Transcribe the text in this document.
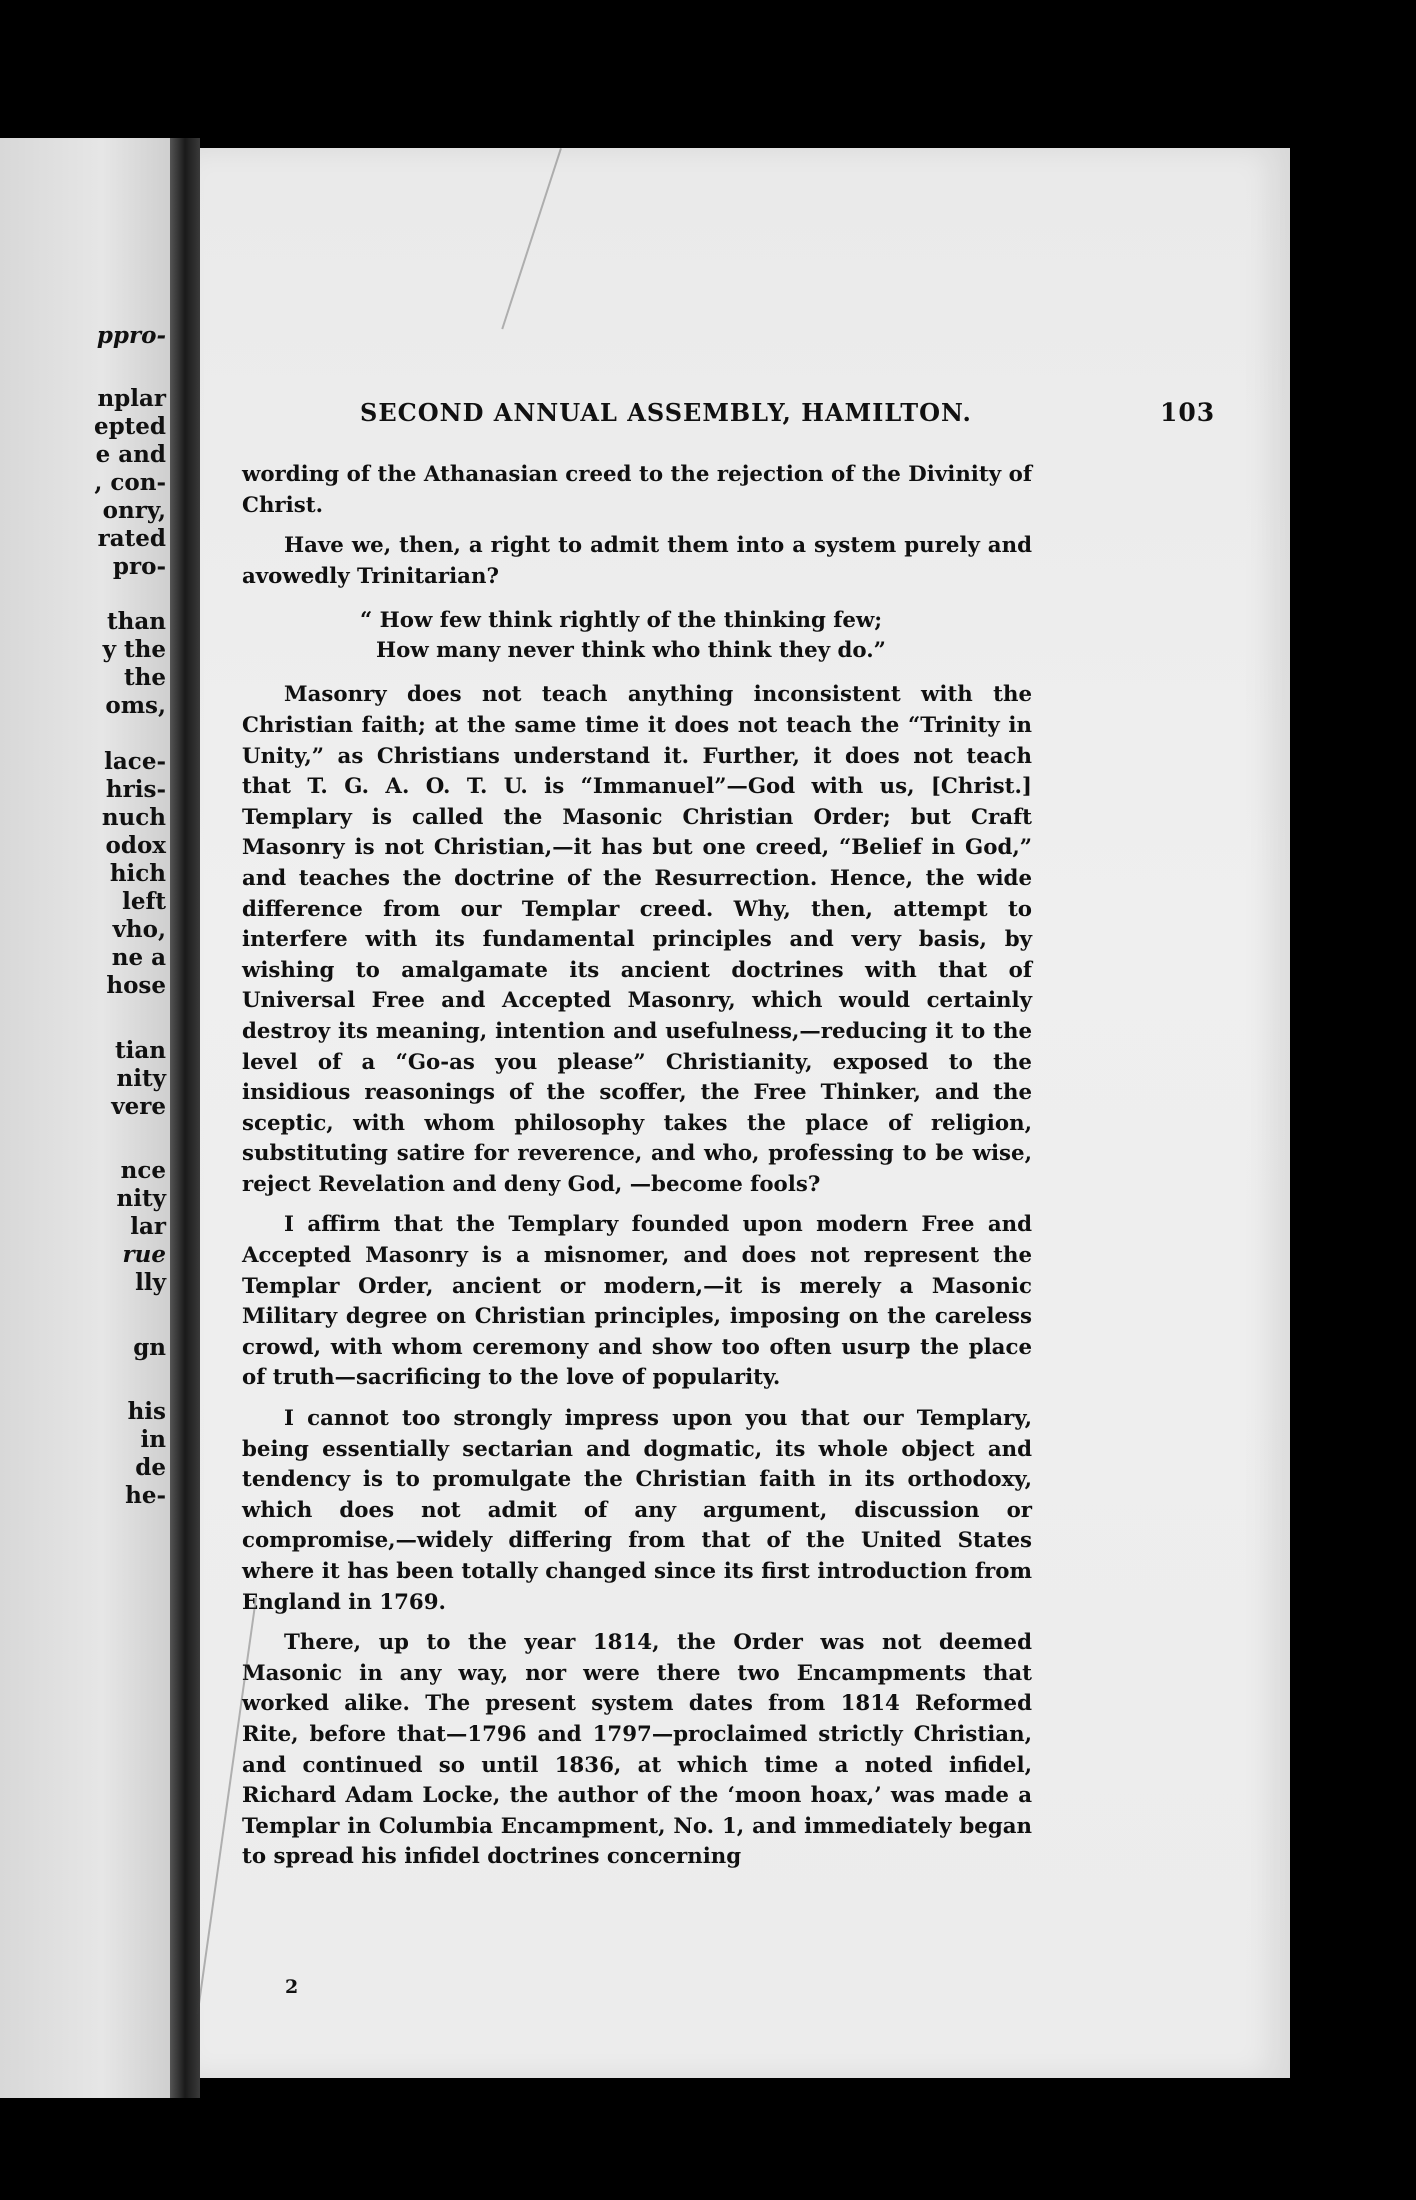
ppro-
nplar
epted
e and
, con-
onry,
rated
pro-
than
y the
the
oms,
lace-
hris-
nuch
odox
hich
left
vho,
ne a
hose
tian
nity
vere
nce
nity
lar
rue
lly
gn
his
in
de
he-
SECOND ANNUAL ASSEMBLY, HAMILTON.	103

wording of the Athanasian creed to the rejection of the Divinity of Christ.

Have we, then, a right to admit them into a system purely and avowedly Trinitarian?

“ How few think rightly of the thinking few;
How many never think who think they do.”

Masonry does not teach anything inconsistent with the Christian faith; at the same time it does not teach the “Trinity in Unity,” as Christians understand it. Further, it does not teach that T. G. A. O. T. U. is “Immanuel”—God with us, [Christ.] Templary is called the Masonic Christian Order; but Craft Masonry is not Christian,—it has but one creed, “Belief in God,” and teaches the doctrine of the Resurrection. Hence, the wide difference from our Templar creed. Why, then, attempt to interfere with its fundamental principles and very basis, by wishing to amalgamate its ancient doctrines with that of Universal Free and Accepted Masonry, which would certainly destroy its meaning, intention and usefulness,—reducing it to the level of a “Go-as you please” Christianity, exposed to the insidious reasonings of the scoffer, the Free Thinker, and the sceptic, with whom philosophy takes the place of religion, substituting satire for reverence, and who, professing to be wise, reject Revelation and deny God, —become fools?

I affirm that the Templary founded upon modern Free and Accepted Masonry is a misnomer, and does not represent the Templar Order, ancient or modern,—it is merely a Masonic Military degree on Christian principles, imposing on the careless crowd, with whom ceremony and show too often usurp the place of truth—sacrificing to the love of popularity.

I cannot too strongly impress upon you that our Templary, being essentially sectarian and dogmatic, its whole object and tendency is to promulgate the Christian faith in its orthodoxy, which does not admit of any argument, discussion or compromise,—widely differing from that of the United States where it has been totally changed since its first introduction from England in 1769.

There, up to the year 1814, the Order was not deemed Masonic in any way, nor were there two Encampments that worked alike. The present system dates from 1814 Reformed Rite, before that—1796 and 1797—proclaimed strictly Christian, and continued so until 1836, at which time a noted infidel, Richard Adam Locke, the author of the ‘moon hoax,’ was made a Templar in Columbia Encampment, No. 1, and immediately began to spread his infidel doctrines concerning

2
